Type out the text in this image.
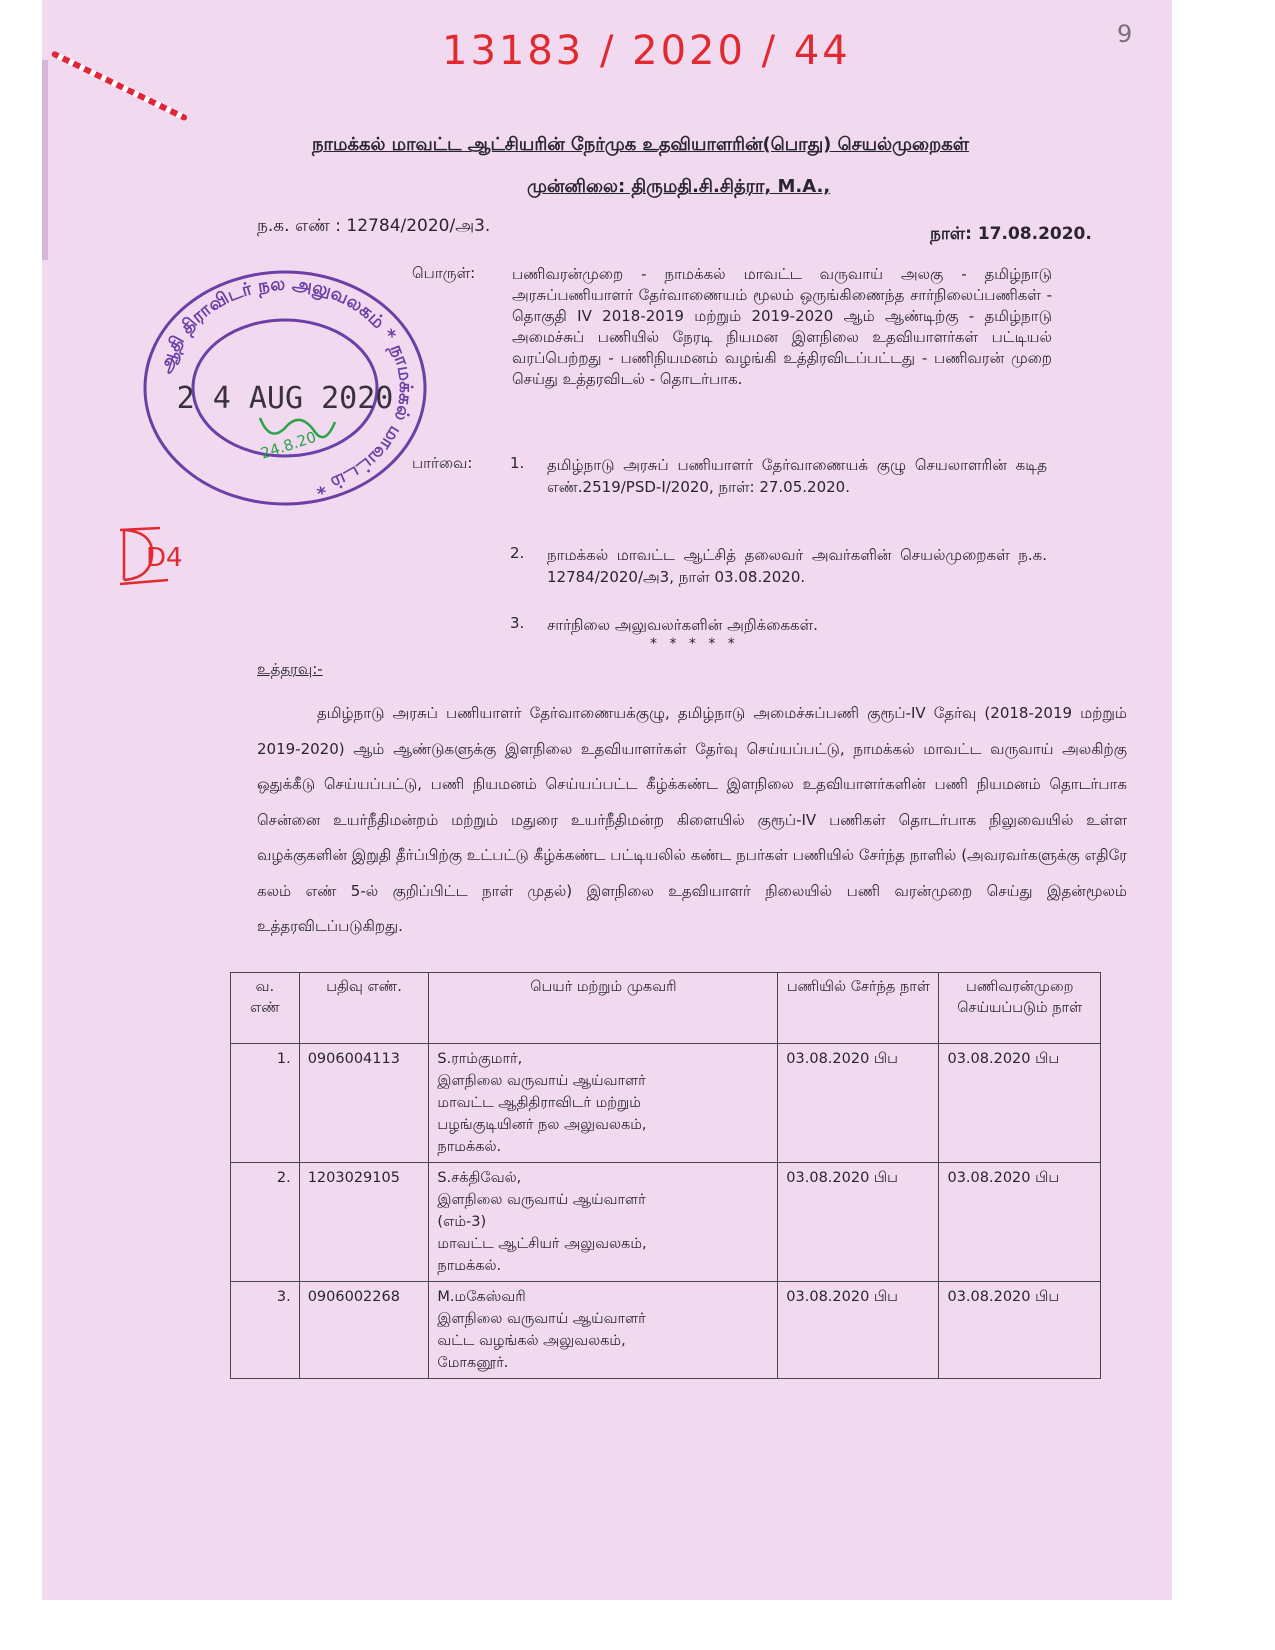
13183 / 2020 / 44	9
நாமக்கல் மாவட்ட ஆட்சியரின் நேர்முக உதவியாளரின்(பொது) செயல்முறைகள்
முன்னிலை: திருமதி.சி.சித்ரா, M.A.,
ந.க. எண் : 12784/2020/அ3.	நாள்: 17.08.2020.
பொருள்: பணிவரன்முறை - நாமக்கல் மாவட்ட வருவாய் அலகு - தமிழ்நாடு அரசுப்பணியாளர் தேர்வாணையம் மூலம் ஒருங்கிணைந்த சார்நிலைப்பணிகள் - தொகுதி IV 2018-2019 மற்றும் 2019-2020 ஆம் ஆண்டிற்கு - தமிழ்நாடு அமைச்சுப் பணியில் நேரடி நியமன இளநிலை உதவியாளர்கள் பட்டியல் வரப்பெற்றது - பணிநியமனம் வழங்கி உத்திரவிடப்பட்டது - பணிவரன் முறை செய்து உத்தரவிடல் - தொடர்பாக.
பார்வை:	1. தமிழ்நாடு அரசுப் பணியாளர் தேர்வாணையக் குழு செயலாளரின் கடித எண்.2519/PSD-I/2020, நாள்: 27.05.2020.
2. நாமக்கல் மாவட்ட ஆட்சித் தலைவர் அவர்களின் செயல்முறைகள் ந.க. 12784/2020/அ3, நாள் 03.08.2020.
3. சார்நிலை அலுவலர்களின் அறிக்கைகள்.
* * * * *
உத்தரவு:-
தமிழ்நாடு அரசுப் பணியாளர் தேர்வாணையக்குழு, தமிழ்நாடு அமைச்சுப்பணி குரூப்-IV தேர்வு (2018-2019 மற்றும் 2019-2020) ஆம் ஆண்டுகளுக்கு இளநிலை உதவியாளர்கள் தேர்வு செய்யப்பட்டு, நாமக்கல் மாவட்ட வருவாய் அலகிற்கு ஒதுக்கீடு செய்யப்பட்டு, பணி நியமனம் செய்யப்பட்ட கீழ்க்கண்ட இளநிலை உதவியாளர்களின் பணி நியமனம் தொடர்பாக சென்னை உயர்நீதிமன்றம் மற்றும் மதுரை உயர்நீதிமன்ற கிளையில் குரூப்-IV பணிகள் தொடர்பாக நிலுவையில் உள்ள வழக்குகளின் இறுதி தீர்ப்பிற்கு உட்பட்டு கீழ்க்கண்ட பட்டியலில் கண்ட நபர்கள் பணியில் சேர்ந்த நாளில் (அவரவர்களுக்கு எதிரே கலம் எண் 5-ல் குறிப்பிட்ட நாள் முதல்) இளநிலை உதவியாளர் நிலையில் பணி வரன்முறை செய்து இதன்மூலம் உத்தரவிடப்படுகிறது.
ஆதி திராவிடர் நல அலுவலகம் * நாமக்கல் மாவட்டம் *
2 4 AUG 2020
24.8.20
D4
வ. எண்	பதிவு எண்.	பெயர் மற்றும் முகவரி	பணியில் சேர்ந்த நாள்	பணிவரன்முறை செய்யப்படும் நாள்
1.	0906004113	S.ராம்குமார்,
இளநிலை வருவாய் ஆய்வாளர்
மாவட்ட ஆதிதிராவிடர் மற்றும்
பழங்குடியினர் நல அலுவலகம்,
நாமக்கல்.	03.08.2020 பிப	03.08.2020 பிப
2.	1203029105	S.சக்திவேல்,
இளநிலை வருவாய் ஆய்வாளர்
(எம்-3)
மாவட்ட ஆட்சியர் அலுவலகம்,
நாமக்கல்.	03.08.2020 பிப	03.08.2020 பிப
3.	0906002268	M.மகேஸ்வரி
இளநிலை வருவாய் ஆய்வாளர்
வட்ட வழங்கல் அலுவலகம்,
மோகனூர்.	03.08.2020 பிப	03.08.2020 பிப
